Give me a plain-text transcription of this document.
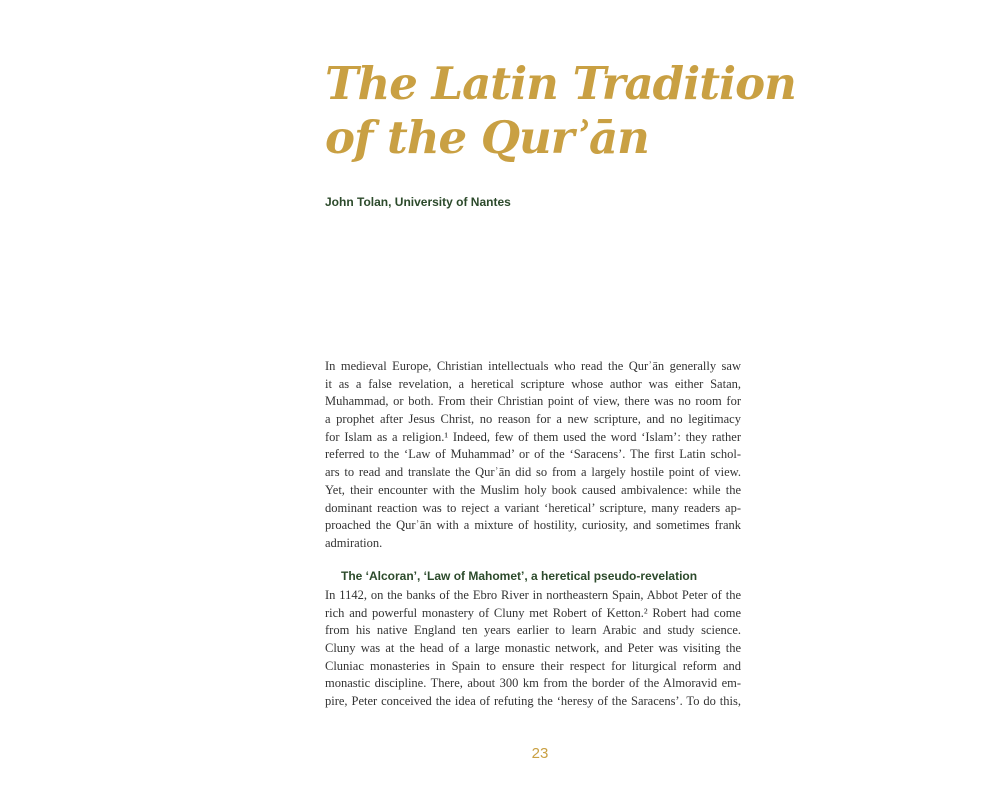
The Latin Tradition
of the Qurʾān
John Tolan, University of Nantes
In medieval Europe, Christian intellectuals who read the Qurʾān generally saw
it as a false revelation, a heretical scripture whose author was either Satan,
Muhammad, or both. From their Christian point of view, there was no room for
a prophet after Jesus Christ, no reason for a new scripture, and no legitimacy
for Islam as a religion.¹ Indeed, few of them used the word ‘Islam’: they rather
referred to the ‘Law of Muhammad’ or of the ‘Saracens’. The first Latin schol-
ars to read and translate the Qurʾān did so from a largely hostile point of view.
Yet, their encounter with the Muslim holy book caused ambivalence: while the
dominant reaction was to reject a variant ‘heretical’ scripture, many readers ap-
proached the Qurʾān with a mixture of hostility, curiosity, and sometimes frank
admiration.
The ‘Alcoran’, ‘Law of Mahomet’, a heretical pseudo-revelation
In 1142, on the banks of the Ebro River in northeastern Spain, Abbot Peter of the
rich and powerful monastery of Cluny met Robert of Ketton.² Robert had come
from his native England ten years earlier to learn Arabic and study science.
Cluny was at the head of a large monastic network, and Peter was visiting the
Cluniac monasteries in Spain to ensure their respect for liturgical reform and
monastic discipline. There, about 300 km from the border of the Almoravid em-
pire, Peter conceived the idea of refuting the ‘heresy of the Saracens’. To do this,
23
